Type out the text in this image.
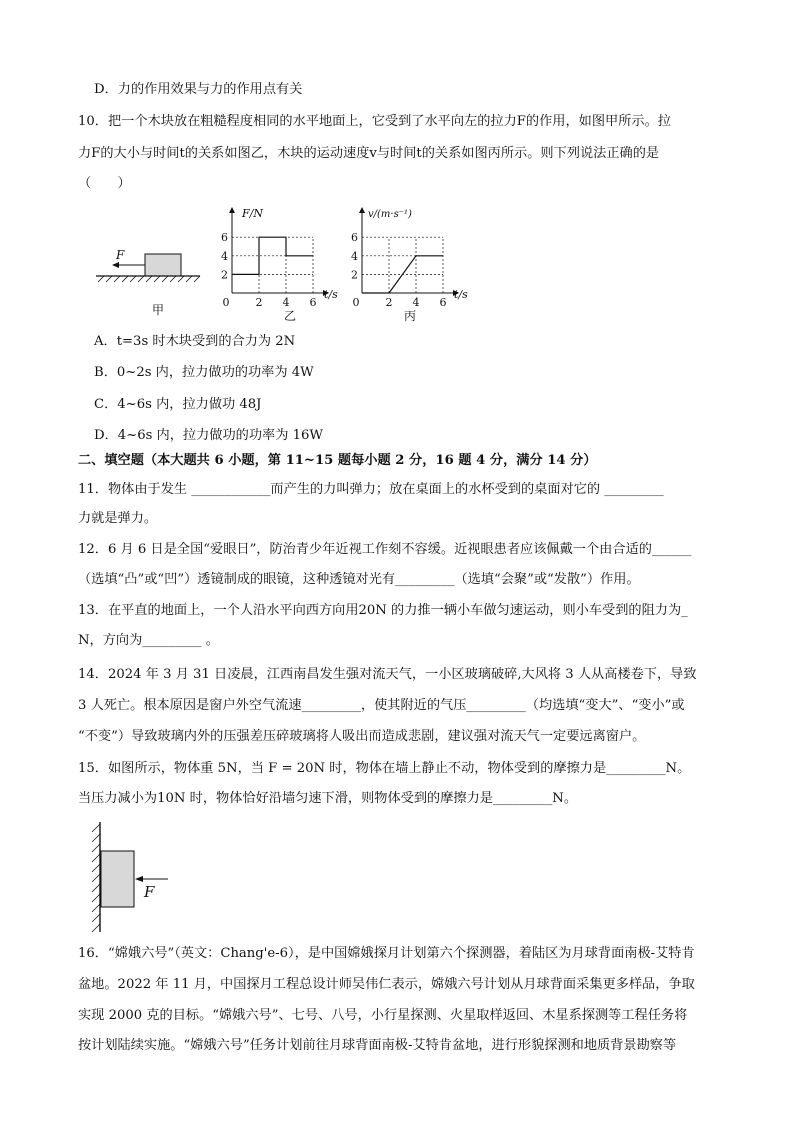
D．力的作用效果与力的作用点有关
10．把一个木块放在粗糙程度相同的水平地面上，它受到了水平向左的拉力F的作用，如图甲所示。拉
力F的大小与时间t的关系如图乙，木块的运动速度v与时间t的关系如图丙所示。则下列说法正确的是
（　　）
F
甲
0 2 4 6
2
4
6
F/N
t/s
乙
0 2 4 6
2
4
6
v/(m·s⁻¹)
t/s
丙
A．t=3s 时木块受到的合力为 2N
B．0~2s 内，拉力做功的功率为 4W
C．4~6s 内，拉力做功 48J
D．4~6s 内，拉力做功的功率为 16W
二、填空题（本大题共 6 小题，第 11~15 题每小题 2 分，16 题 4 分，满分 14 分）
11．物体由于发生 ____________而产生的力叫弹力；放在桌面上的水杯受到的桌面对它的 _________
力就是弹力。
12．6 月 6 日是全国“爱眼日”，防治青少年近视工作刻不容缓。近视眼患者应该佩戴一个由合适的______
（选填“凸”或“凹”）透镜制成的眼镜，这种透镜对光有_________（选填“会聚”或“发散”）作用。
13．在平直的地面上，一个人沿水平向西方向用20N 的力推一辆小车做匀速运动，则小车受到的阻力为_
N，方向为_________ 。
14．2024 年 3 月 31 日凌晨，江西南昌发生强对流天气，一小区玻璃破碎,大风将 3 人从高楼卷下，导致
3 人死亡。根本原因是窗户外空气流速_________，使其附近的气压_________（均选填“变大”、“变小”或
“不变”）导致玻璃内外的压强差压碎玻璃将人吸出而造成悲剧，建议强对流天气一定要远离窗户。
15．如图所示，物体重 5N，当 F = 20N 时，物体在墙上静止不动，物体受到的摩擦力是_________N。
当压力减小为10N 时，物体恰好沿墙匀速下滑，则物体受到的摩擦力是_________N。
F
16．“嫦娥六号”（英文：Chang'e-6），是中国嫦娥探月计划第六个探测器，着陆区为月球背面南极-艾特肯
盆地。2022 年 11 月，中国探月工程总设计师吴伟仁表示，嫦娥六号计划从月球背面采集更多样品，争取
实现 2000 克的目标。“嫦娥六号”、七号、八号，小行星探测、火星取样返回、木星系探测等工程任务将
按计划陆续实施。“嫦娥六号”任务计划前往月球背面南极-艾特肯盆地，进行形貌探测和地质背景勘察等
